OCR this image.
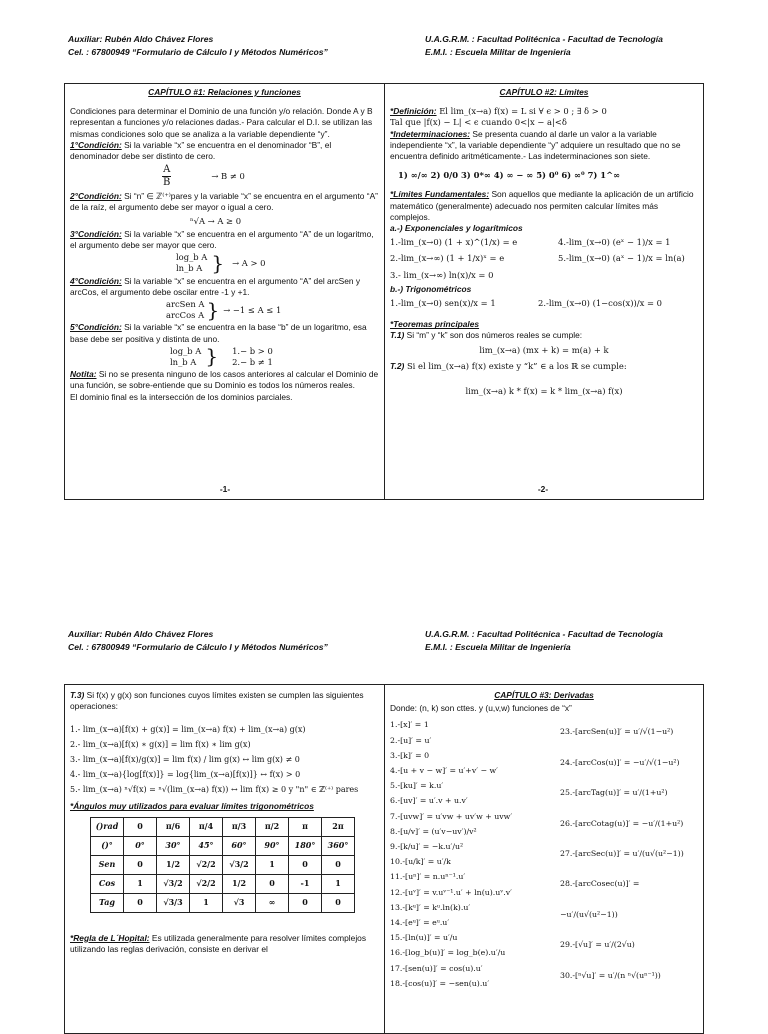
Auxiliar: Rubén Aldo Chávez Flores
Cel. : 67800949 “Formulario de Cálculo I y Métodos Numéricos”
U.A.G.R.M. : Facultad Politécnica - Facultad de Tecnología
E.M.I. : Escuela Militar de Ingeniería
CAPÍTULO #1: Relaciones y funciones

Condiciones para determinar el Dominio de una función y/o relación. Donde A y B representan a funciones y/o relaciones dadas.- Para calcular el D.I. se utilizan las mismas condiciones solo que se analiza a la variable dependiente “y”.

1°Condición: Si la variable “x” se encuentra en el denominador “B”, el denominador debe ser distinto de cero.

$\frac{A}{B}$	→ B ≠ 0

2°Condición: Si “n” ∈ ℤ⁽⁺⁾pares y la variable “x” se encuentra en el argumento “A” de la raíz, el argumento debe ser mayor o igual a cero.

ⁿ√A → A ≥ 0

3°Condición: Si la variable “x” se encuentra en el argumento “A” de un logaritmo, el argumento debe ser mayor que cero.

log_b A
ln_b A } → A > 0

4°Condición: Si la variable “x” se encuentra en el argumento “A” del arcSen y arcCos, el argumento debe oscilar entre -1 y +1.

arcSen A
arcCos A } → −1 ≤ A ≤ 1

5°Condición: Si la variable “x” se encuentra en la base “b” de un logaritmo, esa base debe ser positiva y distinta de uno.

log_b A
ln_b A } 1.− b > 0
2.− b ≠ 1

Notita: Si no se presenta ninguno de los casos anteriores al calcular el Dominio de una función, se sobre-entiende que su Dominio es todos los números reales.

El dominio final es la intersección de los dominios parciales.

-1-
CAPÍTULO #2: Límites

*Definición: El lim_(x→a) f(x) = L si ∀ ϵ > 0 ; ∃ δ > 0

Tal que |f(x) − L| < ϵ cuando 0<|x − a|<δ

*Indeterminaciones: Se presenta cuando al darle un valor a la variable independiente “x”, la variable dependiente “y” adquiere un resultado que no se encuentra definido aritméticamente.- Las indeterminaciones son siete.

1) ∞/∞ 2) 0/0 3) 0*∞ 4) ∞ − ∞ 5) 0⁰ 6) ∞⁰ 7) 1^∞

*Límites Fundamentales: Son aquellos que mediante la aplicación de un artificio matemático (generalmente) adecuado nos permiten calcular límites más complejos.

a.-) Exponenciales y logarítmicos

1.-lim_(x→0) (1 + x)^(1/x) = e	4.-lim_(x→0) (eˣ − 1)/x = 1
2.-lim_(x→∞) (1 + 1/x)ˣ = e	5.-lim_(x→0) (aˣ − 1)/x = ln(a)
3.- lim_(x→∞) ln(x)/x = 0

b.-) Trigonométricos

1.-lim_(x→0) sen(x)/x = 1	2.-lim_(x→0) (1−cos(x))/x = 0

*Teoremas principales

T.1) Si “m” y “k” son dos números reales se cumple:

lim_(x→a) (mx + k) = m(a) + k

T.2) Si el lim_(x→a) f(x) existe y “k” ∈ a los ℝ se cumple:

lim_(x→a) k * f(x) = k * lim_(x→a) f(x)

-2-
Auxiliar: Rubén Aldo Chávez Flores
Cel. : 67800949 “Formulario de Cálculo I y Métodos Numéricos”
U.A.G.R.M. : Facultad Politécnica - Facultad de Tecnología
E.M.I. : Escuela Militar de Ingeniería

T.3) Si f(x) y g(x) son funciones cuyos límites existen se cumplen las siguientes operaciones:

1.- lim_(x→a)[f(x) + g(x)] = lim_(x→a) f(x) + lim_(x→a) g(x)
2.- lim_(x→a)[f(x) ∗ g(x)] = lim f(x) ∗ lim g(x)
3.- lim_(x→a)[f(x)/g(x)] = lim f(x) / lim g(x) ↔ lim g(x) ≠ 0
4.- lim_(x→a){log[f(x)]} = log{lim_(x→a)[f(x)]} ↔ f(x) > 0
5.- lim_(x→a) ⁿ√f(x) = ⁿ√(lim_(x→a) f(x)) ↔ lim f(x) ≥ 0 y "n" ∈ ℤ⁽⁺⁾ pares

*Ángulos muy utilizados para evaluar límites trigonométricos

()rad	0	π/6	π/4	π/3	π/2	π	2π
()°	0°	30°	45°	60°	90°	180°	360°
Sen	0	1/2	√2/2	√3/2	1	0	0
Cos	1	√3/2	√2/2	1/2	0	-1	1
Tag	0	√3/3	1	√3	∞	0	0

*Regla de L´Hopital: Es utilizada generalmente para resolver límites complejos utilizando las reglas derivación, consiste en derivar el

CAPÍTULO #3: Derivadas

Donde: (n, k) son cttes. y (u,v,w) funciones de “x”

1.-[x]′ = 1
2.-[u]′ = u′
3.-[k]′ = 0
4.-[u + v − w]′ = u′+v′ − w′
5.-[ku]′ = k.u′
6.-[uv]′ = u′.v + u.v′
7.-[uvw]′ = u′vw + uv′w + uvw′
8.-[u/v]′ = (u′v−uv′)/v²
9.-[k/u]′ = −k.u′/u²
10.-[u/k]′ = u′/k
11.-[uⁿ]′ = n.uⁿ⁻¹.u′
12.-[uᵛ]′ = v.uᵛ⁻¹.u′ + ln(u).uᵛ.v′
13.-[kᵘ]′ = kᵘ.ln(k).u′
14.-[eᵘ]′ = eᵘ.u′
15.-[ln(u)]′ = u′/u
16.-[log_b(u)]′ = log_b(e).u′/u
17.-[sen(u)]′ = cos(u).u′
18.-[cos(u)]′ = −sen(u).u′
23.-[arcSen(u)]′ = u′/√(1−u²)
24.-[arcCos(u)]′ = −u′/√(1−u²)
25.-[arcTag(u)]′ = u′/(1+u²)
26.-[arcCotag(u)]′ = −u′/(1+u²)
27.-[arcSec(u)]′ = u′/(u√(u²−1))
28.-[arcCosec(u)]′ = −u′/(u√(u²−1))
29.-[√u]′ = u′/(2√u)
30.-[ⁿ√u]′ = u′/(n ⁿ√(uⁿ⁻¹))
